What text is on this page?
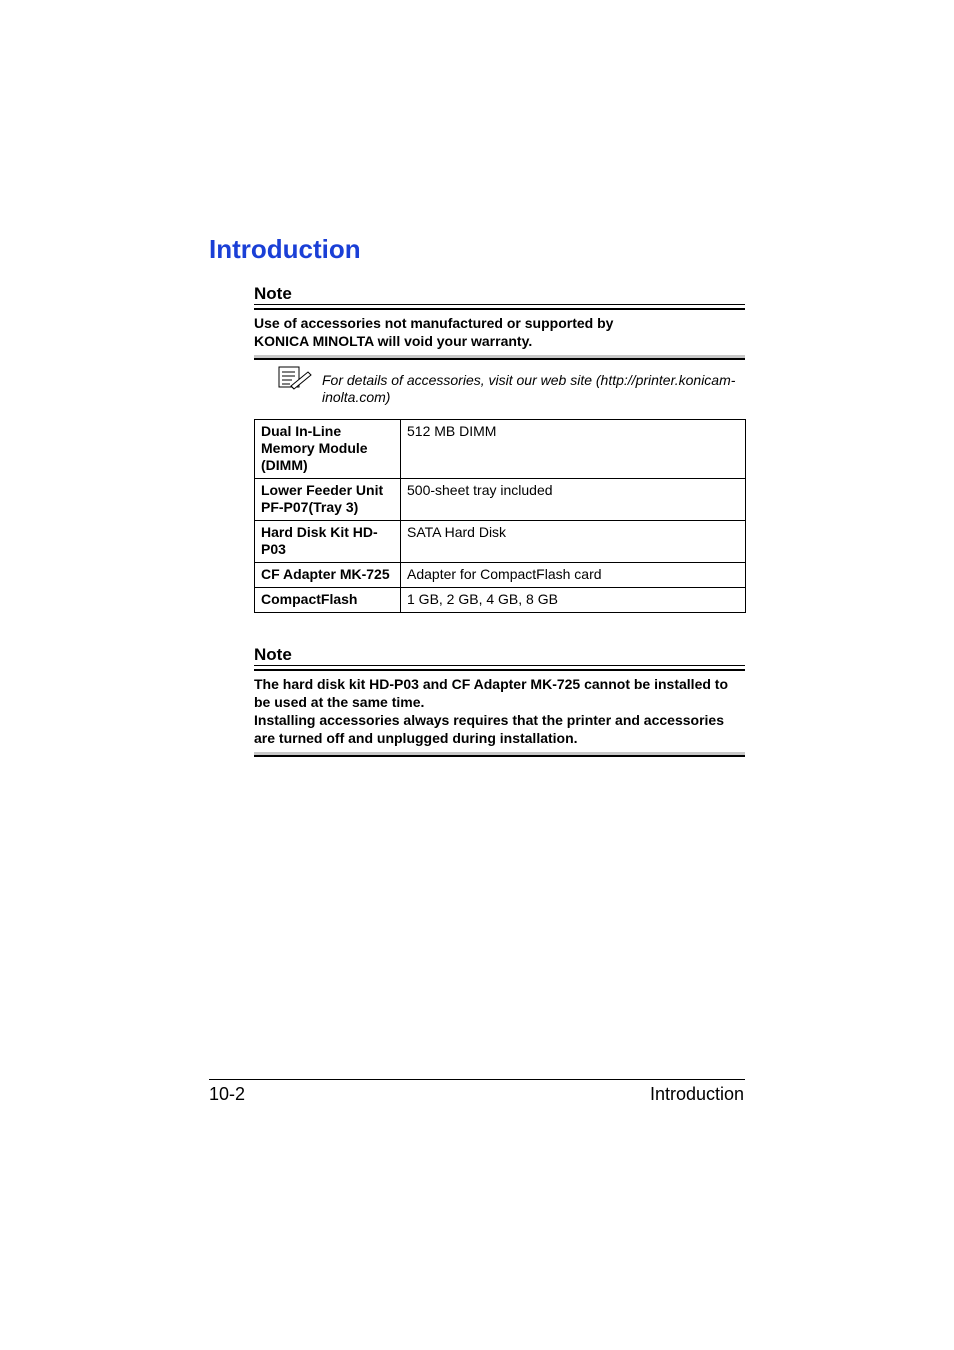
Introduction
Note

Use of accessories not manufactured or supported by

KONICA MINOLTA will void your warranty.

For details of accessories, visit our web site (http://printer.konicam-inolta.com)
Dual In-Line Memory Module (DIMM)	512 MB DIMM
Lower Feeder Unit PF-P07(Tray 3)	500-sheet tray included
Hard Disk Kit HD-P03	SATA Hard Disk
CF Adapter MK-725	Adapter for CompactFlash card
CompactFlash	1 GB, 2 GB, 4 GB, 8 GB
Note

The hard disk kit HD-P03 and CF Adapter MK-725 cannot be installed to be used at the same time.

Installing accessories always requires that the printer and accessories are turned off and unplugged during installation.

10-2	Introduction
